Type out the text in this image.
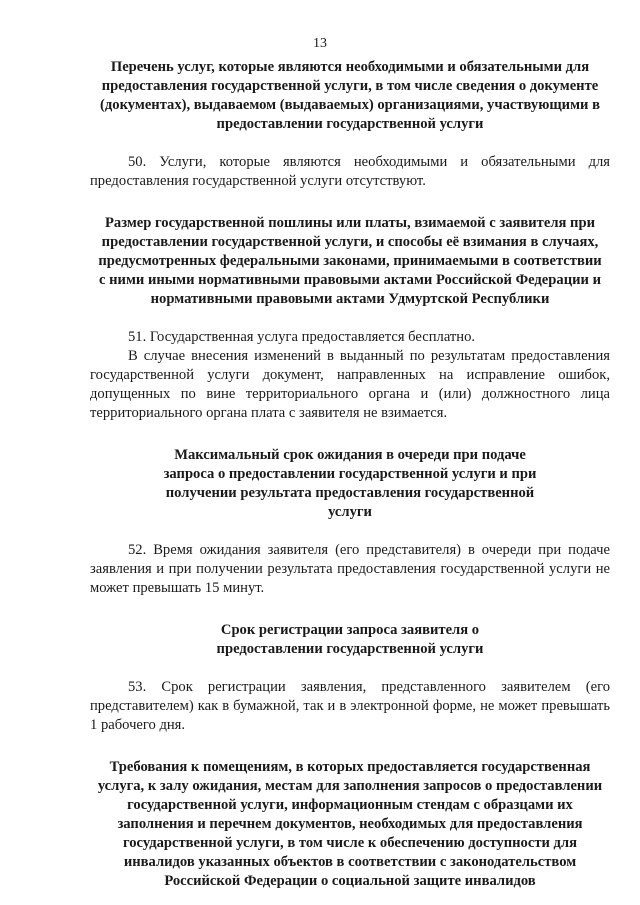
13

Перечень услуг, которые являются необходимыми и обязательными для предоставления государственной услуги, в том числе сведения о документе (документах), выдаваемом (выдаваемых) организациями, участвующими в предоставлении государственной услуги

50. Услуги, которые являются необходимыми и обязательными для предоставления государственной услуги отсутствуют.

Размер государственной пошлины или платы, взимаемой с заявителя при предоставлении государственной услуги, и способы её взимания в случаях, предусмотренных федеральными законами, принимаемыми в соответствии с ними иными нормативными правовыми актами Российской Федерации и нормативными правовыми актами Удмуртской Республики

51. Государственная услуга предоставляется бесплатно.

В случае внесения изменений в выданный по результатам предоставления государственной услуги документ, направленных на исправление ошибок, допущенных по вине территориального органа и (или) должностного лица территориального органа плата с заявителя не взимается.

Максимальный срок ожидания в очереди при подаче запроса о предоставлении государственной услуги и при получении результата предоставления государственной услуги

52. Время ожидания заявителя (его представителя) в очереди при подаче заявления и при получении результата предоставления государственной услуги не может превышать 15 минут.

Срок регистрации запроса заявителя о предоставлении государственной услуги

53. Срок регистрации заявления, представленного заявителем (его представителем) как в бумажной, так и в электронной форме, не может превышать 1 рабочего дня.

Требования к помещениям, в которых предоставляется государственная услуга, к залу ожидания, местам для заполнения запросов о предоставлении государственной услуги, информационным стендам с образцами их заполнения и перечнем документов, необходимых для предоставления государственной услуги, в том числе к обеспечению доступности для инвалидов указанных объектов в соответствии с законодательством Российской Федерации о социальной защите инвалидов
